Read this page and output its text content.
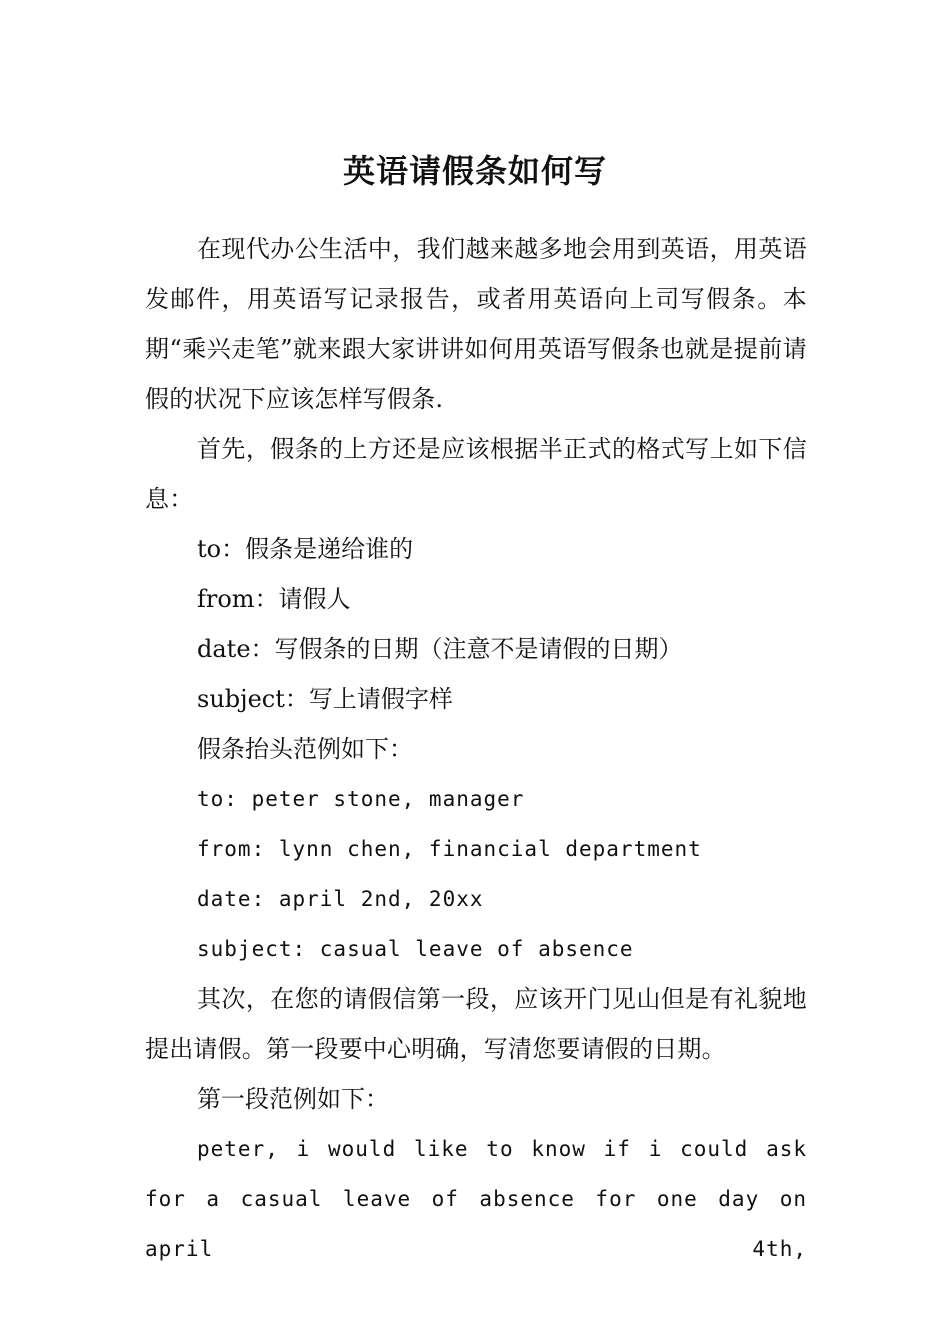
英语请假条如何写

在现代办公生活中，我们越来越多地会用到英语，用英语发邮件，用英语写记录报告，或者用英语向上司写假条。本期“乘兴走笔”就来跟大家讲讲如何用英语写假条也就是提前请假的状况下应该怎样写假条.

首先，假条的上方还是应该根据半正式的格式写上如下信息：

to：假条是递给谁的

from：请假人

date：写假条的日期（注意不是请假的日期）

subject：写上请假字样

假条抬头范例如下：

to: peter stone, manager

from: lynn chen, financial department

date: april 2nd, 20xx

subject: casual leave of absence

其次，在您的请假信第一段，应该开门见山但是有礼貌地提出请假。第一段要中心明确，写清您要请假的日期。

第一段范例如下：

peter, i would like to know if i could ask for a casual leave of absence for one day on april 4th,
